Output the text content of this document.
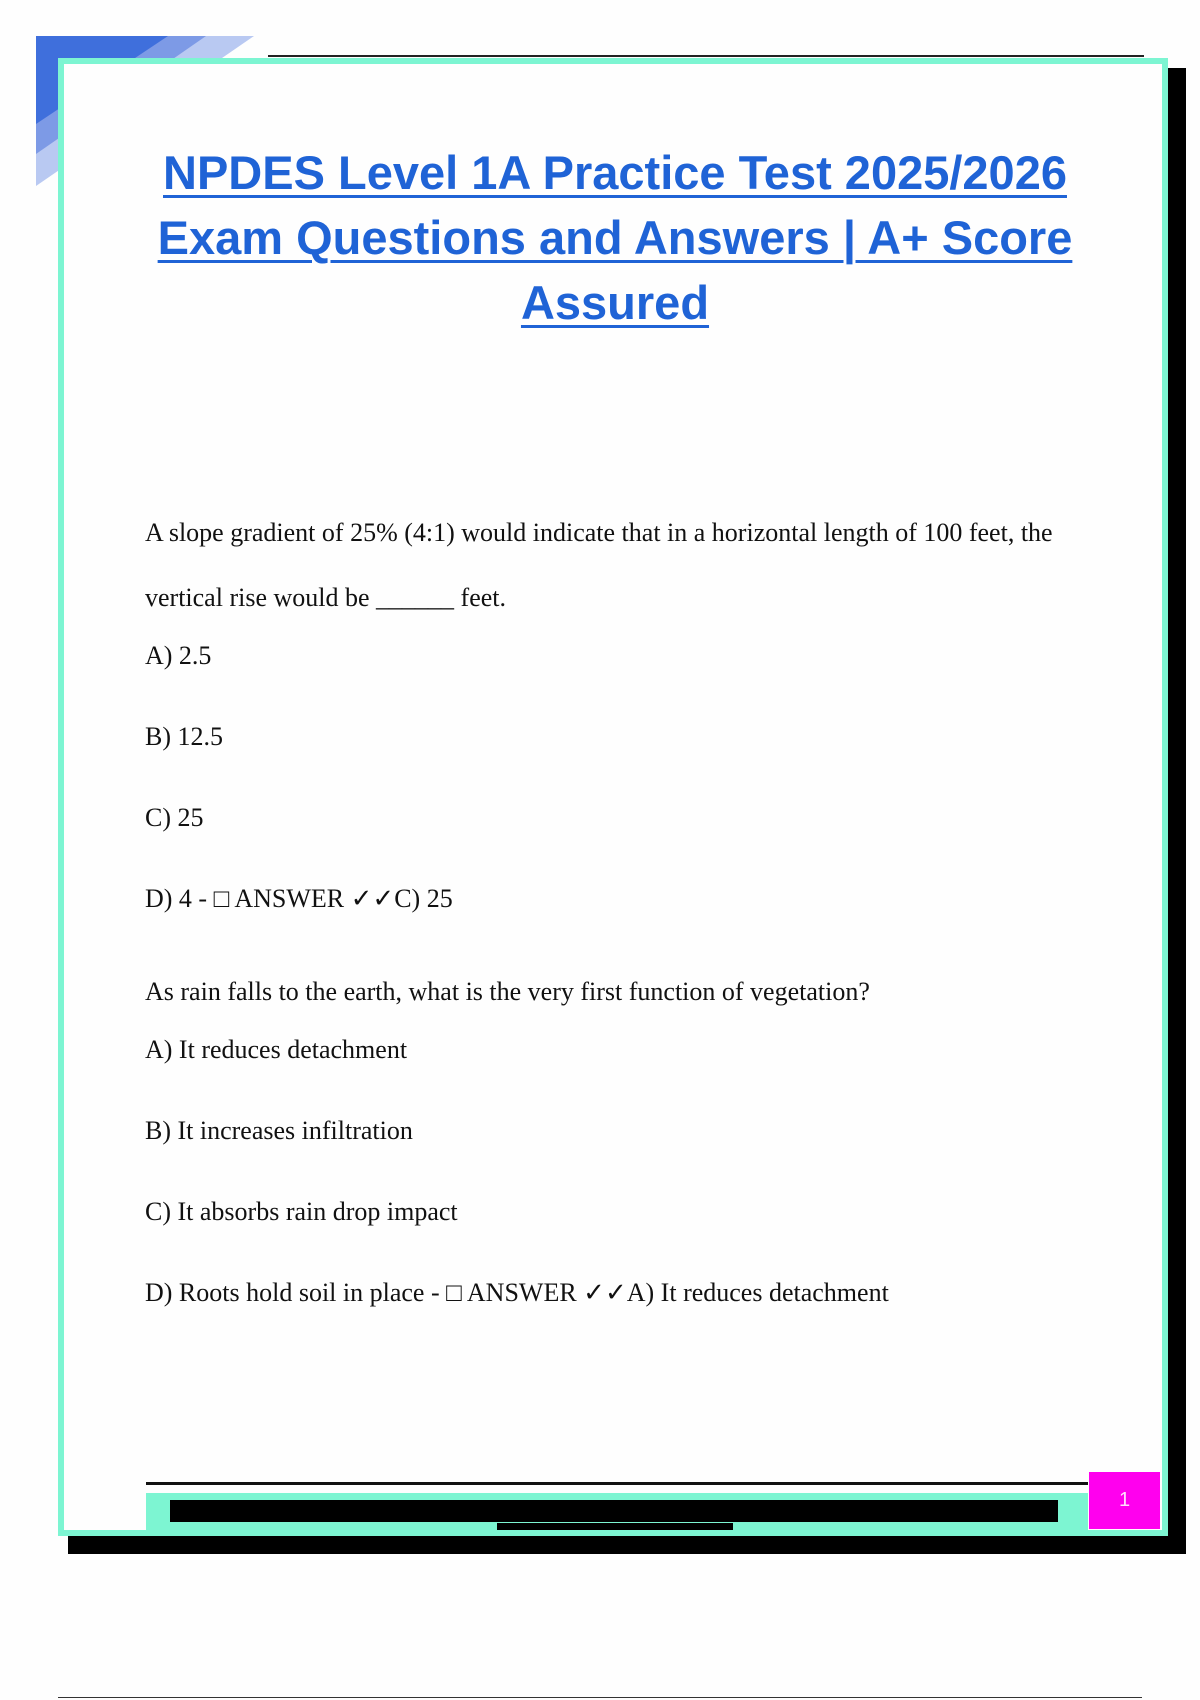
NPDES Level 1A Practice Test 2025/2026
Exam Questions and Answers | A+ Score
Assured

A slope gradient of 25% (4:1) would indicate that in a horizontal length of 100 feet, the vertical rise would be ______ feet.

A) 2.5

B) 12.5

C) 25

D) 4 - □ ANSWER ✓✓C) 25

As rain falls to the earth, what is the very first function of vegetation?

A) It reduces detachment

B) It increases infiltration

C) It absorbs rain drop impact

D) Roots hold soil in place - □ ANSWER ✓✓A) It reduces detachment

1
